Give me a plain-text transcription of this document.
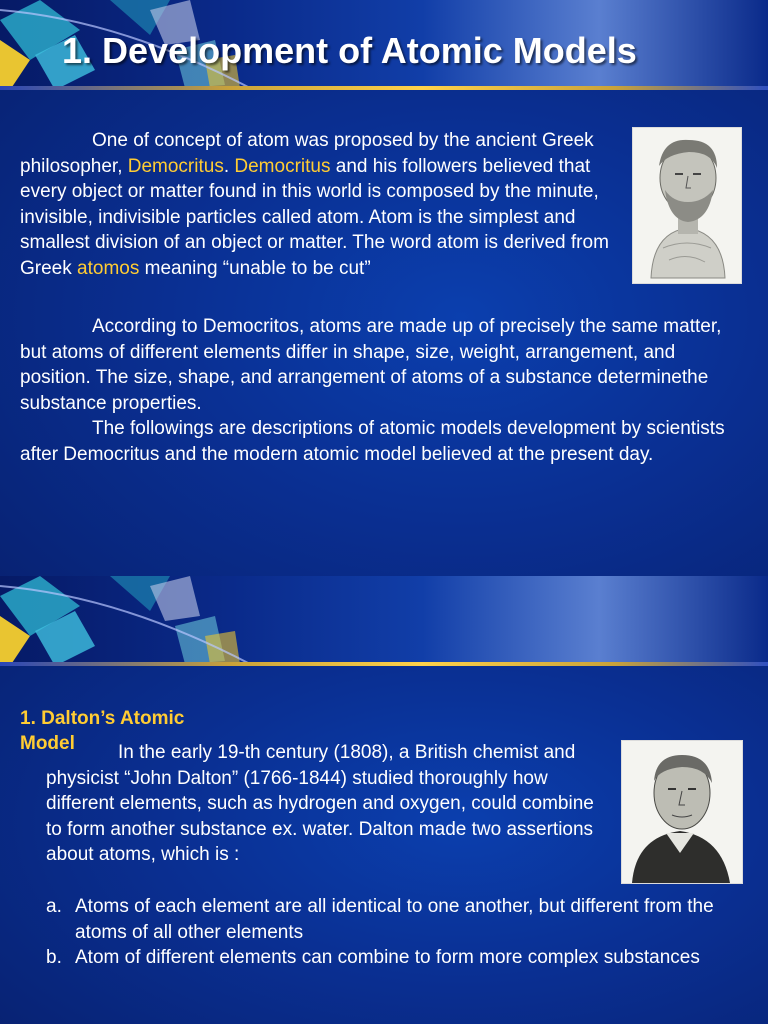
1. Development of Atomic Models
One of concept of atom was proposed by the ancient Greek philosopher, Democritus. Democritus and his followers believed that every object or matter found in this world is composed by the minute, invisible, indivisible particles called atom. Atom is the simplest and smallest division of an object or matter. The word atom is derived from Greek atomos meaning “unable to be cut”
According to Democritos, atoms are made up of precisely the same matter, but atoms of different elements differ in shape, size, weight, arrangement, and position. The size, shape, and arrangement of atoms of a substance determinethe substance properties.
The followings are descriptions of atomic models development by scientists after Democritus and the modern atomic model believed at the present day.
1. Dalton’s Atomic Model	In the early 19-th century (1808), a British chemist and physicist “John Dalton” (1766-1844) studied thoroughly how different elements, such as hydrogen and oxygen, could combine to form another substance ex. water. Dalton made two assertions about atoms, which is :
a. Atoms of each element are all identical to one another, but different from the atoms of all other elements
b. Atom of different elements can combine to form more complex substances
